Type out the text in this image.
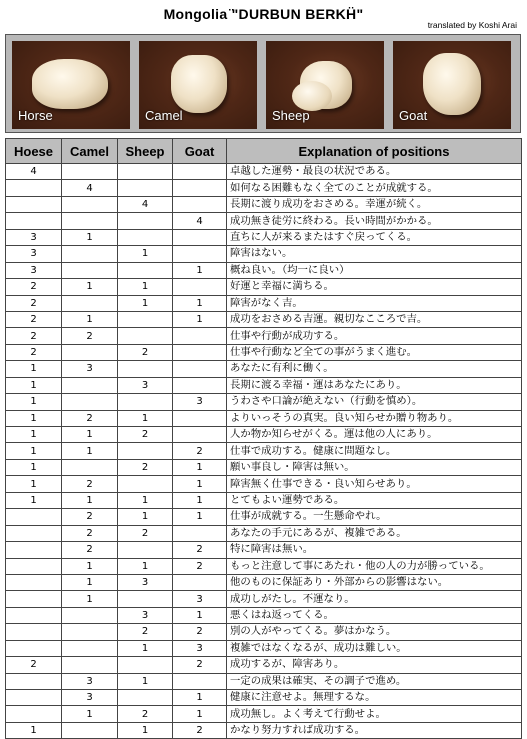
Mongolia ̈"DURBUN BERKḦ"
translated by Koshi Arai
Horse	Camel	Sheep	Goat
Hoese	Camel	Sheep	Goat	Explanation of positions
4				卓越した運勢・最良の状況である。
	4			如何なる困難もなく全てのことが成就する。
		4		長期に渡り成功をおさめる。幸運が続く。
			4	成功無き徒労に終わる。長い時間がかかる。
3	1			直ちに人が来るまたはすぐ戻ってくる。
3		1		障害はない。
3			1	概ね良い。（均一に良い）
2	1	1		好運と幸福に満ちる。
2		1	1	障害がなく吉。
2	1		1	成功をおさめる吉運。親切なこころで吉。
2	2			仕事や行動が成功する。
2		2		仕事や行動など全ての事がうまく進む。
1	3			あなたに有利に働く。
1		3		長期に渡る幸福・運はあなたにあり。
1			3	うわさや口論が絶えない（行動を慎め）。
1	2	1		よりいっそうの真実。良い知らせか贈り物あり。
1	1	2		人か物か知らせがくる。運は他の人にあり。
1	1		2	仕事で成功する。健康に問題なし。
1		2	1	願い事良し・障害は無い。
1	2		1	障害無く仕事できる・良い知らせあり。
1	1	1	1	とてもよい運勢である。
	2	1	1	仕事が成就する。一生懸命やれ。
	2	2		あなたの手元にあるが、複雑である。
	2		2	特に障害は無い。
	1	1	2	もっと注意して事にあたれ・他の人の力が勝っている。
	1	3		他のものに保証あり・外部からの影響はない。
	1		3	成功しがたし。不運なり。
		3	1	悪くはね返ってくる。
		2	2	別の人がやってくる。夢はかなう。
		1	3	複雑ではなくなるが、成功は難しい。
2			2	成功するが、障害あり。
	3	1		一定の成果は確実、その調子で進め。
	3		1	健康に注意せよ。無理するな。
	1	2	1	成功無し。よく考えて行動せよ。
1		1	2	かなり努力すれば成功する。
